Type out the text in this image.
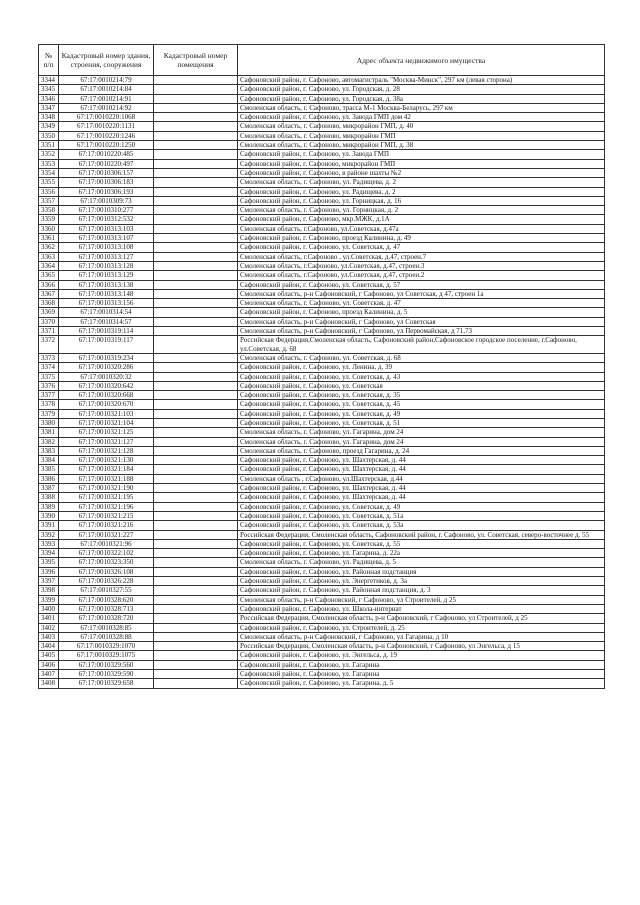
№ п/п	Кадастровый номер здания, строения, сооружения	Кадастровый номер помещения	Адрес объекта недвижимого имущества
3344	67:17:0010214:79		Сафоновский район, г. Сафоново, автомагистраль "Москва-Минск", 297 км (левая сторона)
3345	67:17:0010214:84		Сафоновский район, г. Сафоново, ул. Городская, д. 28
3346	67:17:0010214:91		Сафоновский район, г. Сафоново, ул. Городская, д. 38а
3347	67:17:0010214:92		Смоленская область, г. Сафоново, трасса М-1 Москва-Беларусь, 297 км
3348	67:17:0010220:1068		Сафоновский район, г. Сафоново, ул. Завода ГМП дом 42
3349	67:17:0010220:1131		Смоленская область, г. Сафоново, микрорайон ГМП, д. 40
3350	67:17:0010220:1246		Смоленская область, г. Сафоново, микрорайон ГМП
3351	67:17:0010220:1250		Смоленская область, г. Сафоново, микрорайон ГМП, д. 38
3352	67:17:0010220:485		Сафоновский район, г. Сафоново, ул. Завода ГМП
3353	67:17:0010220:497		Сафоновский район, г. Сафоново, микрорайон ГМП
3354	67:17:0010306:157		Сафоновский район, г. Сафоново, в районе шахты №2
3355	67:17:0010306:183		Смоленская область, г. Сафоново, ул. Радищева, д. 2
3356	67:17:0010306:193		Сафоновский район, г. Сафоново, ул. Радищева, д. 2
3357	67:17:0010309:73		Сафоновский район, г. Сафоново, ул. Горницкая, д. 16
3358	67:17:0010310:277		Смоленская область, г. Сафоново, ул. Горницкая, д. 2
3359	67:17:0010312:532		Сафоновский район, г. Сафоново, мкр.МЖК, д.1А
3360	67:17:0010313:103		Смоленская область, г.Сафоново, ул.Советская, д.47а
3361	67:17:0010313:107		Сафоновский район, г. Сафоново, проезд Калинина, д. 49
3362	67:17:0010313:108		Сафоновский район, г. Сафоново, ул. Советская, д. 47
3363	67:17:0010313:127		Смоленская область, г.Сафоново , ул.Советская, д.47, строен.7
3364	67:17:0010313:128		Смоленская область, г.Сафоново, ул.Советская, д.47, строен.3
3365	67:17:0010313:129		Смоленская область, г.Сафоново, ул.Советская, д.47, строен.2
3366	67:17:0010313:138		Сафоновский район, г. Сафоново, ул. Советская, д. 57
3367	67:17:0010313:148		Смоленская область, р-н Сафоновский, г Сафоново, ул Советская, д 47, строен 1а
3368	67:17:0010313:156		Смоленская область, г. Сафоново, ул. Советская, д. 47
3369	67:17:0010314:54		Сафоновский район, г. Сафоново, проезд Калинина, д. 5
3370	67:17:0010314:57		Смоленская область, р-н Сафоновский, г Сафоново, ул Советская
3371	67:17:0010319:114		Смоленская область, р-н Сафоновский, г Сафоново, ул Первомайская, д 71,73
3372	67:17:0010319:117		Российская Федерация,Смоленская область, Сафоновский район,Сафоновское городское поселение, г.Сафоново, ул.Советская, д. 68
3373	67:17:0010319:234		Смоленская область, г. Сафоново, ул. Советская, д. 68
3374	67:17:0010320:286		Сафоновский район, г. Сафоново, ул. Ленина, д. 39
3375	67:17:0010320:32		Сафоновский район, г. Сафоново, ул. Советская, д. 43
3376	67:17:0010320:642		Сафоновский район, г. Сафоново, ул. Советская
3377	67:17:0010320:668		Сафоновский район, г. Сафоново, ул. Советская, д. 35
3378	67:17:0010320:670		Сафоновский район, г. Сафоново, ул. Советская, д. 45
3379	67:17:0010321:103		Сафоновский район, г. Сафоново, ул. Советская, д. 49
3380	67:17:0010321:104		Сафоновский район, г. Сафоново, ул. Советская, д. 51
3381	67:17:0010321:125		Смоленская область, г. Сафоново, ул. Гагарина, дом 24
3382	67:17:0010321:127		Смоленская область, г. Сафоново, ул. Гагарина, дом 24
3383	67:17:0010321:128		Смоленская область, г. Сафоново, проезд Гагарина, д. 24
3384	67:17:0010321:130		Сафоновский район, г. Сафоново, ул. Шахтерская, д. 44
3385	67:17:0010321:184		Сафоновский район, г. Сафоново, ул. Шахтерская, д. 44
3386	67:17:0010321:188		Смоленская область , г.Сафоново, ул.Шахтерская, д.44
3387	67:17:0010321:190		Сафоновский район, г. Сафоново, ул. Шахтерская, д. 44
3388	67:17:0010321:195		Сафоновский район, г. Сафоново, ул. Шахтерская, д. 44
3389	67:17:0010321:196		Сафоновский район, г. Сафоново, ул. Советская, д. 49
3390	67:17:0010321:215		Сафоновский район, г. Сафоново, ул. Советская, д. 51а
3391	67:17:0010321:216		Сафоновский район, г. Сафоново, ул. Советская, д. 53а
3392	67:17:0010321:227		Российская Федерация, Смоленская область, Сафоновский район, г. Сафоново, ул. Советская, северо-восточнее д. 55
3393	67:17:0010321:96		Сафоновский район, г. Сафоново, ул. Советская, д. 55
3394	67:17:0010322:102		Сафоновский район, г. Сафоново, ул. Гагарина, д. 22а
3395	67:17:0010323:350		Смоленская область, г. Сафоново, ул. Радищева, д. 5
3396	67:17:0010326:108		Сафоновский район, г. Сафоново, ул. Районная подстанция
3397	67:17:0010326:228		Сафоновский район, г. Сафоново, ул. Энергетиков, д. 3а
3398	67:17:0010327:55		Сафоновский район, г. Сафоново, ул. Районная подстанция, д. 3
3399	67:17:0010328:620		Смоленская область, р-н Сафоновский, г Сафоново, ул Строителей, д 25
3400	67:17:0010328:713		Сафоновский район, г. Сафоново, ул. Школа-интернат
3401	67:17:0010328:720		Российская Федерация, Смоленская область, р-н Сафоновский, г Сафоново, ул Строителей, д 25
3402	67:17:0010328:85		Сафоновский район, г. Сафоново, ул. Строителей, д. 25
3403	67:17:0010328:88		Смоленская область, р-н Сафоновский, г Сафоново, ул Гагарина, д 10
3404	67:17:0010329:1070		Российская Федерация, Смоленская область, р-н Сафоновский, г Сафоново, ул Энгельса, д 15
3405	67:17:0010329:1075		Сафоновский район, г. Сафоново, ул. Энгельса, д. 19
3406	67:17:0010329:560		Сафоновский район, г. Сафоново, ул. Гагарина
3407	67:17:0010329:590		Сафоновский район, г. Сафоново, ул. Гагарина
3408	67:17:0010329:658		Сафоновский район, г. Сафоново, ул. Гагарина, д. 5
